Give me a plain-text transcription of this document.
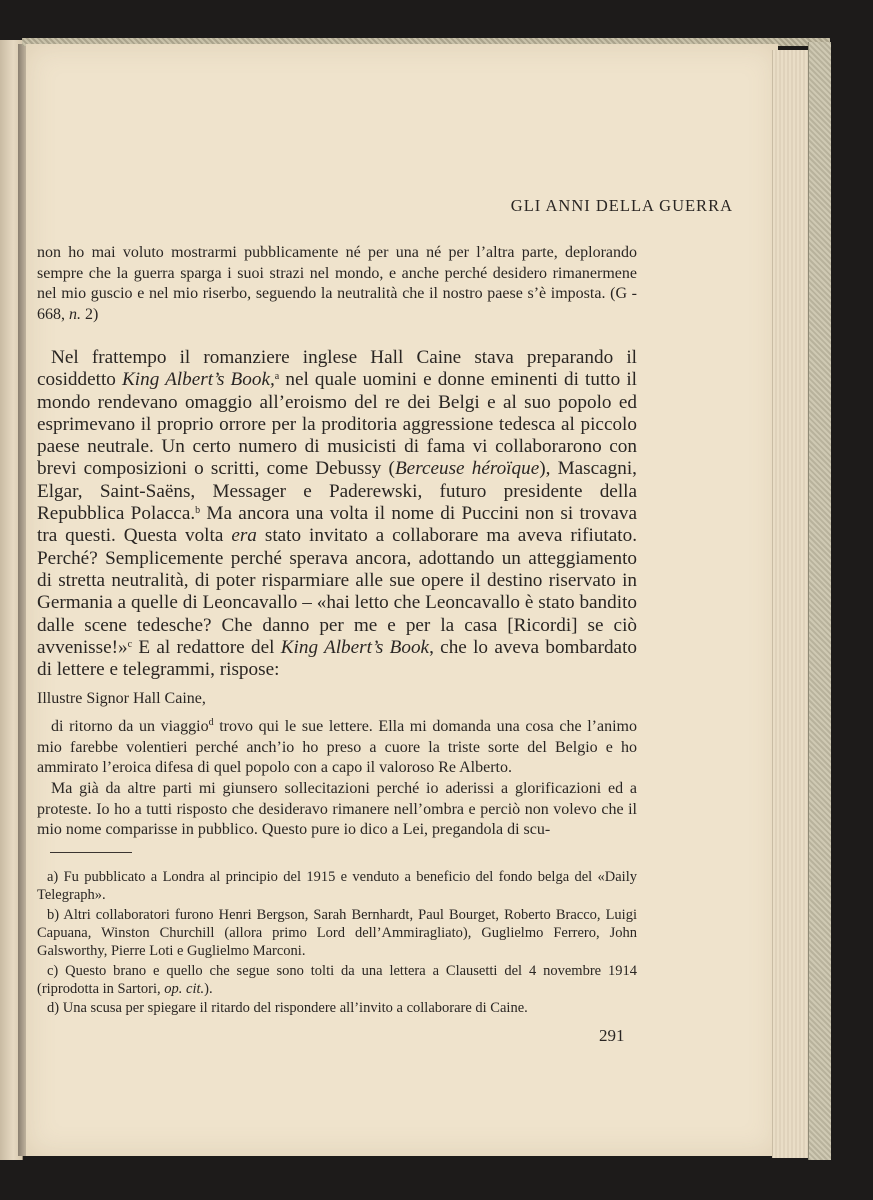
GLI ANNI DELLA GUERRA

non ho mai voluto mostrarmi pubblicamente né per una né per l’altra parte, deplorando sempre che la guerra sparga i suoi strazi nel mondo, e anche perché desidero rimanermene nel mio guscio e nel mio riserbo, seguendo la neutralità che il nostro paese s’è imposta. (G - 668, n. 2)

Nel frattempo il romanziere inglese Hall Caine stava preparando il cosiddetto King Albert’s Book,$^a$ nel quale uomini e donne eminenti di tutto il mondo rendevano omaggio all’eroismo del re dei Belgi e al suo popolo ed esprimevano il proprio orrore per la proditoria aggressione tedesca al piccolo paese neutrale. Un certo numero di musicisti di fama vi collaborarono con brevi composizioni o scritti, come Debussy (Berceuse héroïque), Mascagni, Elgar, Saint-Saëns, Messager e Paderewski, futuro presidente della Repubblica Polacca.$^b$ Ma ancora una volta il nome di Puccini non si trovava tra questi. Questa volta era stato invitato a collaborare ma aveva rifiutato. Perché? Semplicemente perché sperava ancora, adottando un atteggiamento di stretta neutralità, di poter risparmiare alle sue opere il destino riservato in Germania a quelle di Leoncavallo – «hai letto che Leoncavallo è stato bandito dalle scene tedesche? Che danno per me e per la casa [Ricordi] se ciò avvenisse!»$^c$ E al redattore del King Albert’s Book, che lo aveva bombardato di lettere e telegrammi, rispose:

Illustre Signor Hall Caine,

di ritorno da un viaggio$^d$ trovo qui le sue lettere. Ella mi domanda una cosa che l’animo mio farebbe volentieri perché anch’io ho preso a cuore la triste sorte del Belgio e ho ammirato l’eroica difesa di quel popolo con a capo il valoroso Re Alberto.

Ma già da altre parti mi giunsero sollecitazioni perché io aderissi a glorificazioni ed a proteste. Io ho a tutti risposto che desideravo rimanere nell’ombra e perciò non volevo che il mio nome comparisse in pubblico. Questo pure io dico a Lei, pregandola di scu-

a) Fu pubblicato a Londra al principio del 1915 e venduto a beneficio del fondo belga del «Daily Telegraph».

b) Altri collaboratori furono Henri Bergson, Sarah Bernhardt, Paul Bourget, Roberto Bracco, Luigi Capuana, Winston Churchill (allora primo Lord dell’Ammiragliato), Guglielmo Ferrero, John Galsworthy, Pierre Loti e Guglielmo Marconi.

c) Questo brano e quello che segue sono tolti da una lettera a Clausetti del 4 novembre 1914 (riprodotta in Sartori, op. cit.).

d) Una scusa per spiegare il ritardo del rispondere all’invito a collaborare di Caine.

291
